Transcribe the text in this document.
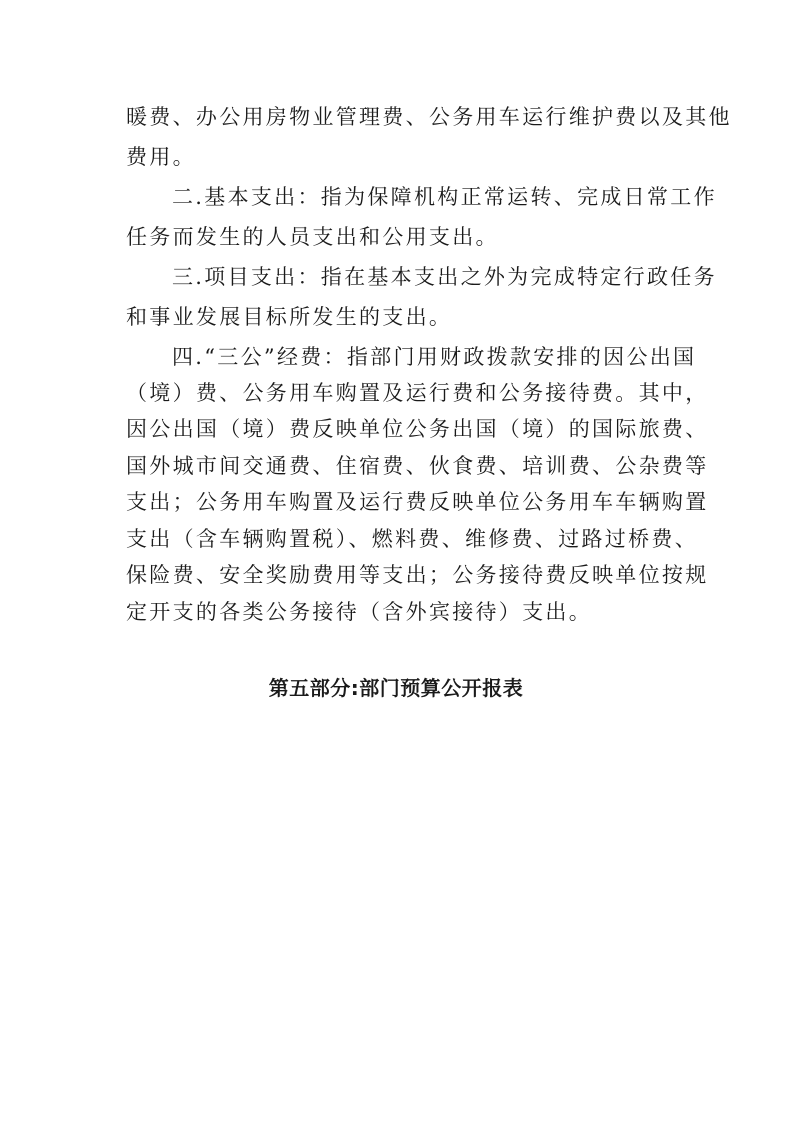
暖费、办公用房物业管理费、公务用车运行维护费以及其他
费用。
二.基本支出：指为保障机构正常运转、完成日常工作
任务而发生的人员支出和公用支出。
三.项目支出：指在基本支出之外为完成特定行政任务
和事业发展目标所发生的支出。
四.“三公”经费：指部门用财政拨款安排的因公出国
（境）费、公务用车购置及运行费和公务接待费。其中，
因公出国（境）费反映单位公务出国（境）的国际旅费、
国外城市间交通费、住宿费、伙食费、培训费、公杂费等
支出；公务用车购置及运行费反映单位公务用车车辆购置
支出（含车辆购置税）、燃料费、维修费、过路过桥费、
保险费、安全奖励费用等支出；公务接待费反映单位按规
定开支的各类公务接待（含外宾接待）支出。
第五部分:部门预算公开报表
